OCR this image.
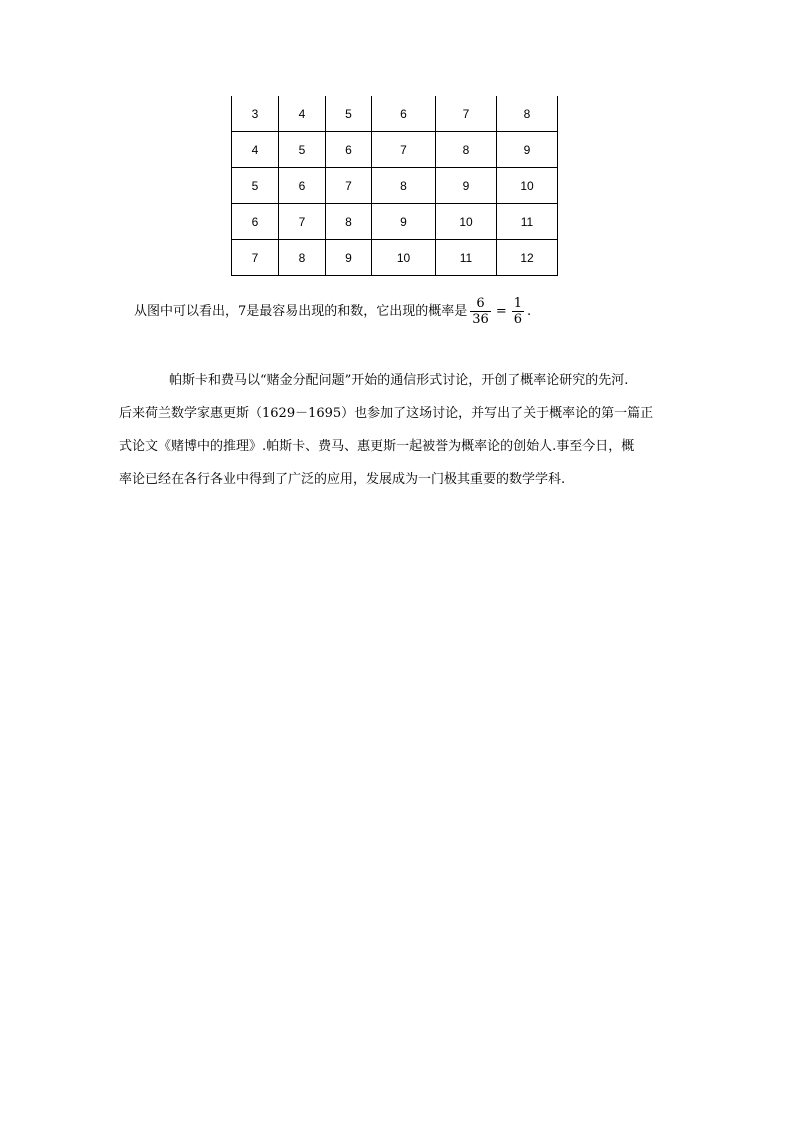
3	4	5	6	7	8
4	5	6	7	8	9
5	6	7	8	9	10
6	7	8	9	10	11
7	8	9	10	11	12
从图中可以看出，7是最容易出现的和数，它出现的概率是 $\frac{6}{36} = \frac{1}{6}$ .

帕斯卡和费马以“赌金分配问题”开始的通信形式讨论，开创了概率论研究的先河.

后来荷兰数学家惠更斯（1629－1695）也参加了这场讨论，并写出了关于概率论的第一篇正

式论文《赌博中的推理》.帕斯卡、费马、惠更斯一起被誉为概率论的创始人.事至今日，概

率论已经在各行各业中得到了广泛的应用，发展成为一门极其重要的数学学科.
